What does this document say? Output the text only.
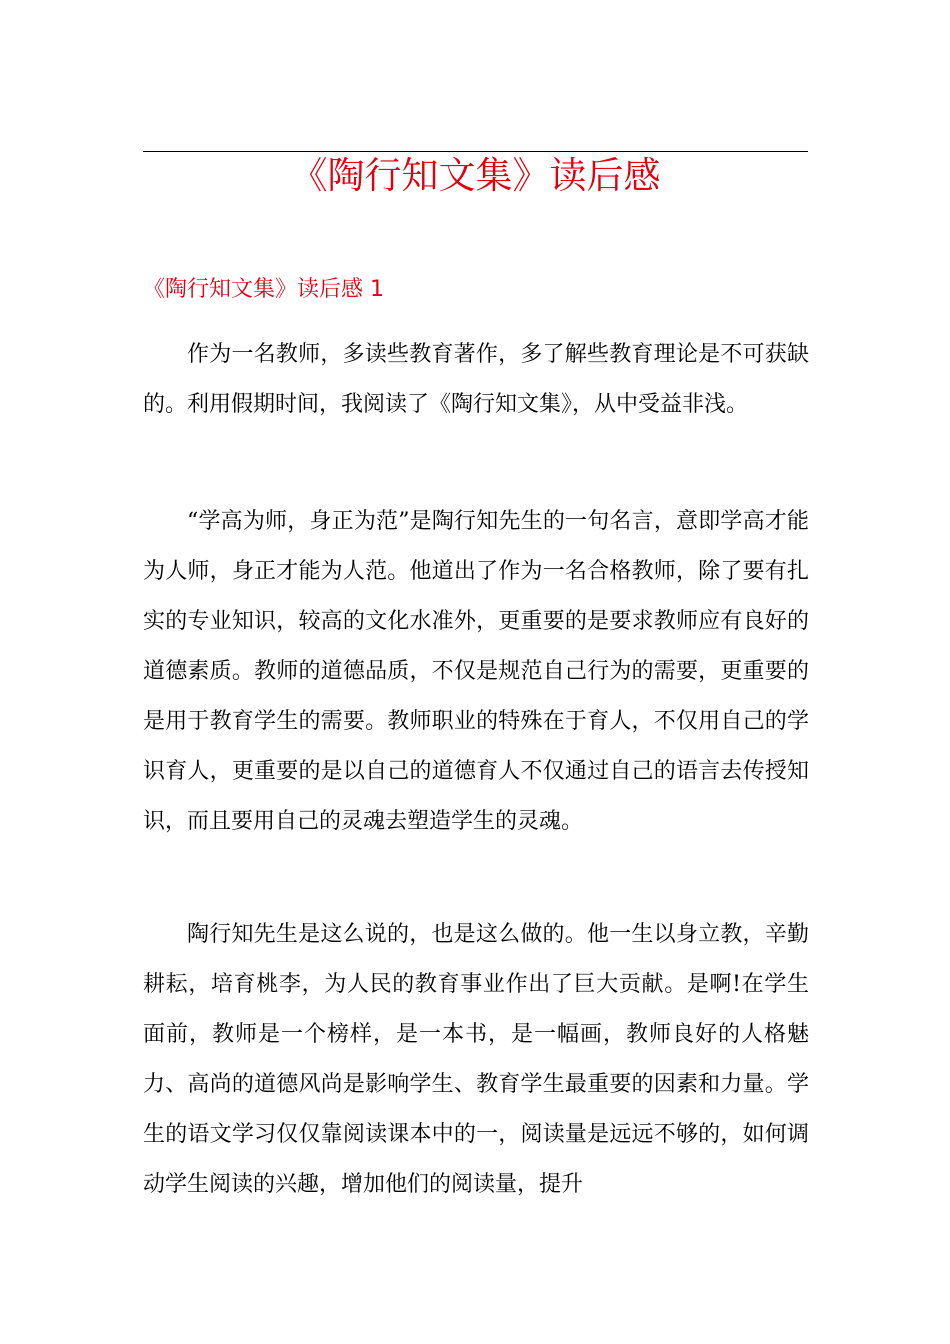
《陶行知文集》读后感
《陶行知文集》读后感 1

作为一名教师，多读些教育著作，多了解些教育理论是不可获缺的。利用假期时间，我阅读了《陶行知文集》，从中受益非浅。

“学高为师，身正为范”是陶行知先生的一句名言，意即学高才能为人师，身正才能为人范。他道出了作为一名合格教师，除了要有扎实的专业知识，较高的文化水准外，更重要的是要求教师应有良好的道德素质。教师的道德品质，不仅是规范自己行为的需要，更重要的是用于教育学生的需要。教师职业的特殊在于育人，不仅用自己的学识育人，更重要的是以自己的道德育人不仅通过自己的语言去传授知识，而且要用自己的灵魂去塑造学生的灵魂。

陶行知先生是这么说的，也是这么做的。他一生以身立教，辛勤耕耘，培育桃李，为人民的教育事业作出了巨大贡献。是啊!在学生面前，教师是一个榜样，是一本书，是一幅画，教师良好的人格魅力、高尚的道德风尚是影响学生、教育学生最重要的因素和力量。学生的语文学习仅仅靠阅读课本中的一，阅读量是远远不够的，如何调动学生阅读的兴趣，增加他们的阅读量，提升
